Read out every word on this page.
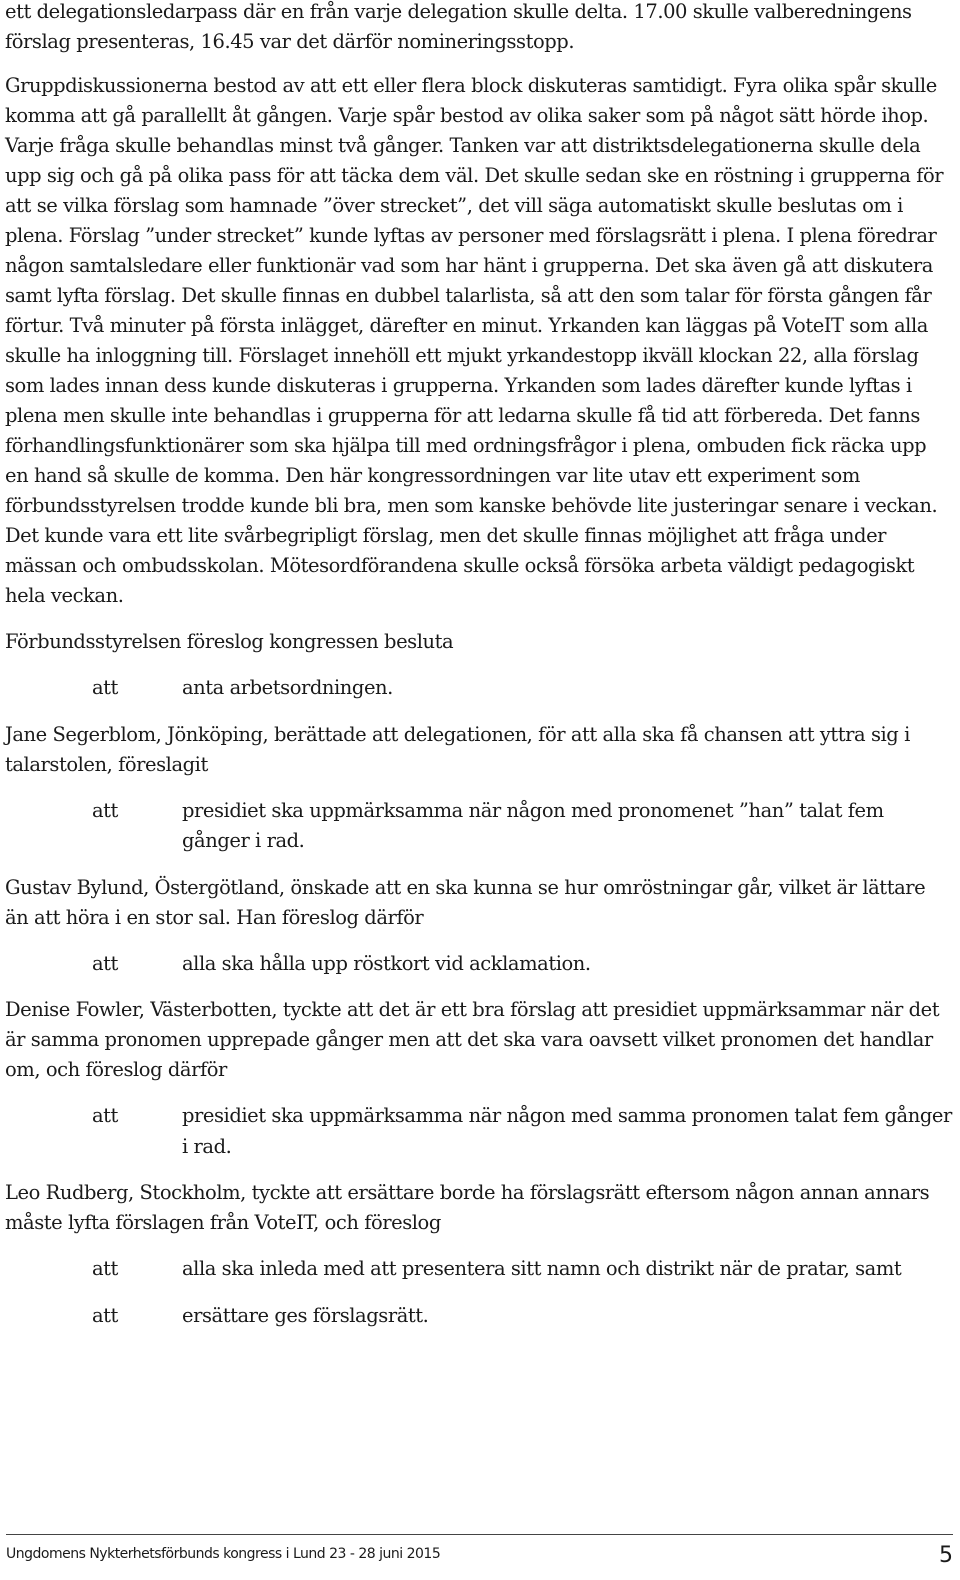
ett delegationsledarpass där en från varje delegation skulle delta. 17.00 skulle valberedningens förslag presenteras, 16.45 var det därför nomineringsstopp.

Gruppdiskussionerna bestod av att ett eller flera block diskuteras samtidigt. Fyra olika spår skulle komma att gå parallellt åt gången. Varje spår bestod av olika saker som på något sätt hörde ihop. Varje fråga skulle behandlas minst två gånger. Tanken var att distriktsdelegationerna skulle dela upp sig och gå på olika pass för att täcka dem väl. Det skulle sedan ske en röstning i grupperna för att se vilka förslag som hamnade ”över strecket”, det vill säga automatiskt skulle beslutas om i plena. Förslag ”under strecket” kunde lyftas av personer med förslagsrätt i plena. I plena föredrar någon samtalsledare eller funktionär vad som har hänt i grupperna. Det ska även gå att diskutera samt lyfta förslag. Det skulle finnas en dubbel talarlista, så att den som talar för första gången får förtur. Två minuter på första inlägget, därefter en minut. Yrkanden kan läggas på VoteIT som alla skulle ha inloggning till. Förslaget innehöll ett mjukt yrkandestopp ikväll klockan 22, alla förslag som lades innan dess kunde diskuteras i grupperna. Yrkanden som lades därefter kunde lyftas i plena men skulle inte behandlas i grupperna för att ledarna skulle få tid att förbereda. Det fanns förhandlingsfunktionärer som ska hjälpa till med ordningsfrågor i plena, ombuden fick räcka upp en hand så skulle de komma. Den här kongressordningen var lite utav ett experiment som förbundsstyrelsen trodde kunde bli bra, men som kanske behövde lite justeringar senare i veckan. Det kunde vara ett lite svårbegripligt förslag, men det skulle finnas möjlighet att fråga under mässan och ombudsskolan. Mötesordförandena skulle också försöka arbeta väldigt pedagogiskt hela veckan.

Förbundsstyrelsen föreslog kongressen besluta

att	anta arbetsordningen.

Jane Segerblom, Jönköping, berättade att delegationen, för att alla ska få chansen att yttra sig i talarstolen, föreslagit

att	presidiet ska uppmärksamma när någon med pronomenet ”han” talat fem gånger i rad.

Gustav Bylund, Östergötland, önskade att en ska kunna se hur omröstningar går, vilket är lättare än att höra i en stor sal. Han föreslog därför

att	alla ska hålla upp röstkort vid acklamation.

Denise Fowler, Västerbotten, tyckte att det är ett bra förslag att presidiet uppmärksammar när det är samma pronomen upprepade gånger men att det ska vara oavsett vilket pronomen det handlar om, och föreslog därför

att	presidiet ska uppmärksamma när någon med samma pronomen talat fem gånger i rad.

Leo Rudberg, Stockholm, tyckte att ersättare borde ha förslagsrätt eftersom någon annan annars måste lyfta förslagen från VoteIT, och föreslog

att	alla ska inleda med att presentera sitt namn och distrikt när de pratar, samt
att	ersättare ges förslagsrätt.
Ungdomens Nykterhetsförbunds kongress i Lund 23 - 28 juni 2015	5
